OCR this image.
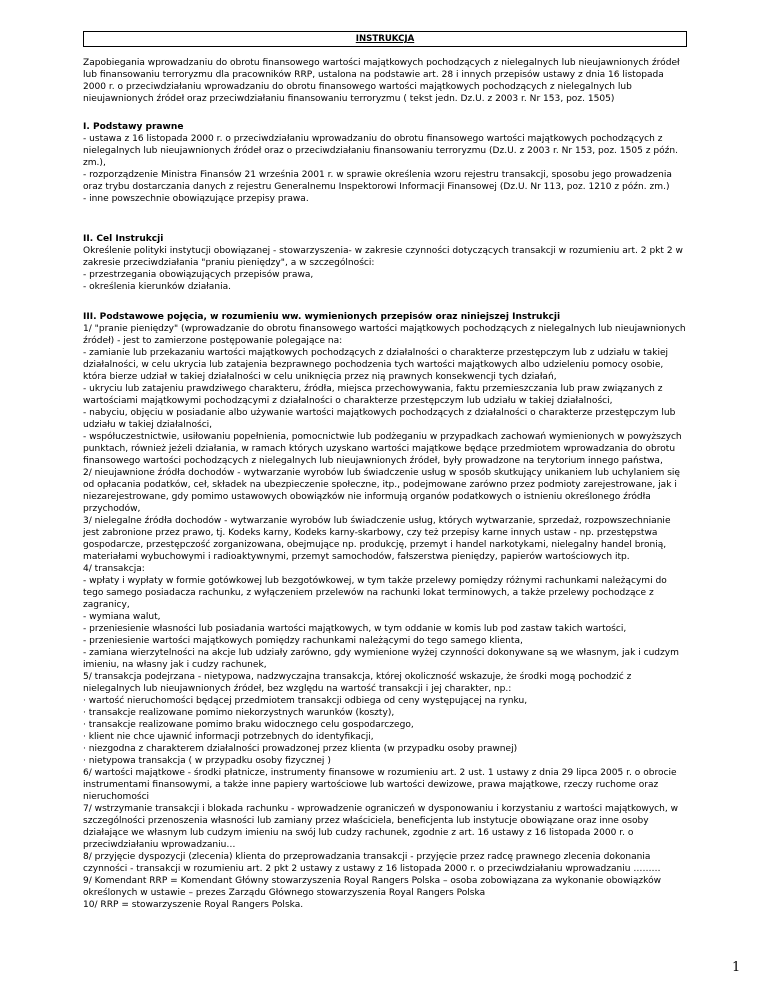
INSTRUKCJA

Zapobiegania wprowadzaniu do obrotu finansowego wartości majątkowych pochodzących z nielegalnych lub nieujawnionych źródeł lub finansowaniu terroryzmu dla pracowników RRP, ustalona na podstawie art. 28 i innych przepisów ustawy z dnia 16 listopada 2000 r. o przeciwdziałaniu wprowadzaniu do obrotu finansowego wartości majątkowych pochodzących z nielegalnych lub nieujawnionych źródeł oraz przeciwdziałaniu finansowaniu terroryzmu ( tekst jedn. Dz.U. z 2003 r. Nr 153, poz. 1505)

I. Podstawy prawne

- ustawa z 16 listopada 2000 r. o przeciwdziałaniu wprowadzaniu do obrotu finansowego wartości majątkowych pochodzących z nielegalnych lub nieujawnionych źródeł oraz o przeciwdziałaniu finansowaniu terroryzmu (Dz.U. z 2003 r. Nr 153, poz. 1505 z późn. zm.),

- rozporządzenie Ministra Finansów 21 września 2001 r. w sprawie określenia wzoru rejestru transakcji, sposobu jego prowadzenia oraz trybu dostarczania danych z rejestru Generalnemu Inspektorowi Informacji Finansowej (Dz.U. Nr 113, poz. 1210 z późn. zm.)

- inne powszechnie obowiązujące przepisy prawa.

II. Cel Instrukcji

Określenie polityki instytucji obowiązanej - stowarzyszenia- w zakresie czynności dotyczących transakcji w rozumieniu art. 2 pkt 2 w zakresie przeciwdziałania "praniu pieniędzy", a w szczególności:

- przestrzegania obowiązujących przepisów prawa,

- określenia kierunków działania.

III. Podstawowe pojęcia, w rozumieniu ww. wymienionych przepisów oraz niniejszej Instrukcji

1/ "pranie pieniędzy" (wprowadzanie do obrotu finansowego wartości majątkowych pochodzących z nielegalnych lub nieujawnionych źródeł) - jest to zamierzone postępowanie polegające na:

- zamianie lub przekazaniu wartości majątkowych pochodzących z działalności o charakterze przestępczym lub z udziału w takiej działalności, w celu ukrycia lub zatajenia bezprawnego pochodzenia tych wartości majątkowych albo udzieleniu pomocy osobie, która bierze udział w takiej działalności w celu uniknięcia przez nią prawnych konsekwencji tych działań,

- ukryciu lub zatajeniu prawdziwego charakteru, źródła, miejsca przechowywania, faktu przemieszczania lub praw związanych z wartościami majątkowymi pochodzącymi z działalności o charakterze przestępczym lub udziału w takiej działalności,

- nabyciu, objęciu w posiadanie albo używanie wartości majątkowych pochodzących z działalności o charakterze przestępczym lub udziału w takiej działalności,

- współuczestnictwie, usiłowaniu popełnienia, pomocnictwie lub podżeganiu w przypadkach zachowań wymienionych w powyższych punktach, również jeżeli działania, w ramach których uzyskano wartości majątkowe będące przedmiotem wprowadzania do obrotu finansowego wartości pochodzących z nielegalnych lub nieujawnionych źródeł, były prowadzone na terytorium innego państwa,

2/ nieujawnione źródła dochodów - wytwarzanie wyrobów lub świadczenie usług w sposób skutkujący unikaniem lub uchylaniem się od opłacania podatków, ceł, składek na ubezpieczenie społeczne, itp., podejmowane zarówno przez podmioty zarejestrowane, jak i niezarejestrowane, gdy pomimo ustawowych obowiązków nie informują organów podatkowych o istnieniu określonego źródła przychodów,

3/ nielegalne źródła dochodów - wytwarzanie wyrobów lub świadczenie usług, których wytwarzanie, sprzedaż, rozpowszechnianie jest zabronione przez prawo, tj. Kodeks karny, Kodeks karny-skarbowy, czy też przepisy karne innych ustaw - np. przestępstwa gospodarcze, przestępczość zorganizowana, obejmujące np. produkcję, przemyt i handel narkotykami, nielegalny handel bronią, materiałami wybuchowymi i radioaktywnymi, przemyt samochodów, fałszerstwa pieniędzy, papierów wartościowych itp.

4/ transakcja:

- wpłaty i wypłaty w formie gotówkowej lub bezgotówkowej, w tym także przelewy pomiędzy różnymi rachunkami należącymi do tego samego posiadacza rachunku, z wyłączeniem przelewów na rachunki lokat terminowych, a także przelewy pochodzące z zagranicy,

- wymiana walut,

- przeniesienie własności lub posiadania wartości majątkowych, w tym oddanie w komis lub pod zastaw takich wartości,

- przeniesienie wartości majątkowych pomiędzy rachunkami należącymi do tego samego klienta,

- zamiana wierzytelności na akcje lub udziały zarówno, gdy wymienione wyżej czynności dokonywane są we własnym, jak i cudzym imieniu, na własny jak i cudzy rachunek,

5/ transakcja podejrzana - nietypowa, nadzwyczajna transakcja, której okoliczność wskazuje, że środki mogą pochodzić z nielegalnych lub nieujawnionych źródeł, bez względu na wartość transakcji i jej charakter, np.:

· wartość nieruchomości będącej przedmiotem transakcji odbiega od ceny występującej na rynku,

· transakcje realizowane pomimo niekorzystnych warunków (koszty),

· transakcje realizowane pomimo braku widocznego celu gospodarczego,

· klient nie chce ujawnić informacji potrzebnych do identyfikacji,

· niezgodna z charakterem działalności prowadzonej przez klienta (w przypadku osoby prawnej)

· nietypowa transakcja ( w przypadku osoby fizycznej )

6/ wartości majątkowe - środki płatnicze, instrumenty finansowe w rozumieniu art. 2 ust. 1 ustawy z dnia 29 lipca 2005 r. o obrocie instrumentami finansowymi, a także inne papiery wartościowe lub wartości dewizowe, prawa majątkowe, rzeczy ruchome oraz nieruchomości

7/ wstrzymanie transakcji i blokada rachunku - wprowadzenie ograniczeń w dysponowaniu i korzystaniu z wartości majątkowych, w szczególności przenoszenia własności lub zamiany przez właściciela, beneficjenta lub instytucje obowiązane oraz inne osoby działające we własnym lub cudzym imieniu na swój lub cudzy rachunek, zgodnie z art. 16 ustawy z 16 listopada 2000 r. o przeciwdziałaniu wprowadzaniu…

8/ przyjęcie dyspozycji (zlecenia) klienta do przeprowadzania transakcji - przyjęcie przez radcę prawnego zlecenia dokonania czynności - transakcji w rozumieniu art. 2 pkt 2 ustawy z ustawy z 16 listopada 2000 r. o przeciwdziałaniu wprowadzaniu ………

9/ Komendant RRP = Komendant Główny stowarzyszenia Royal Rangers Polska – osoba zobowiązana za wykonanie obowiązków określonych w ustawie – prezes Zarządu Głównego stowarzyszenia Royal Rangers Polska

10/ RRP = stowarzyszenie Royal Rangers Polska.

1
